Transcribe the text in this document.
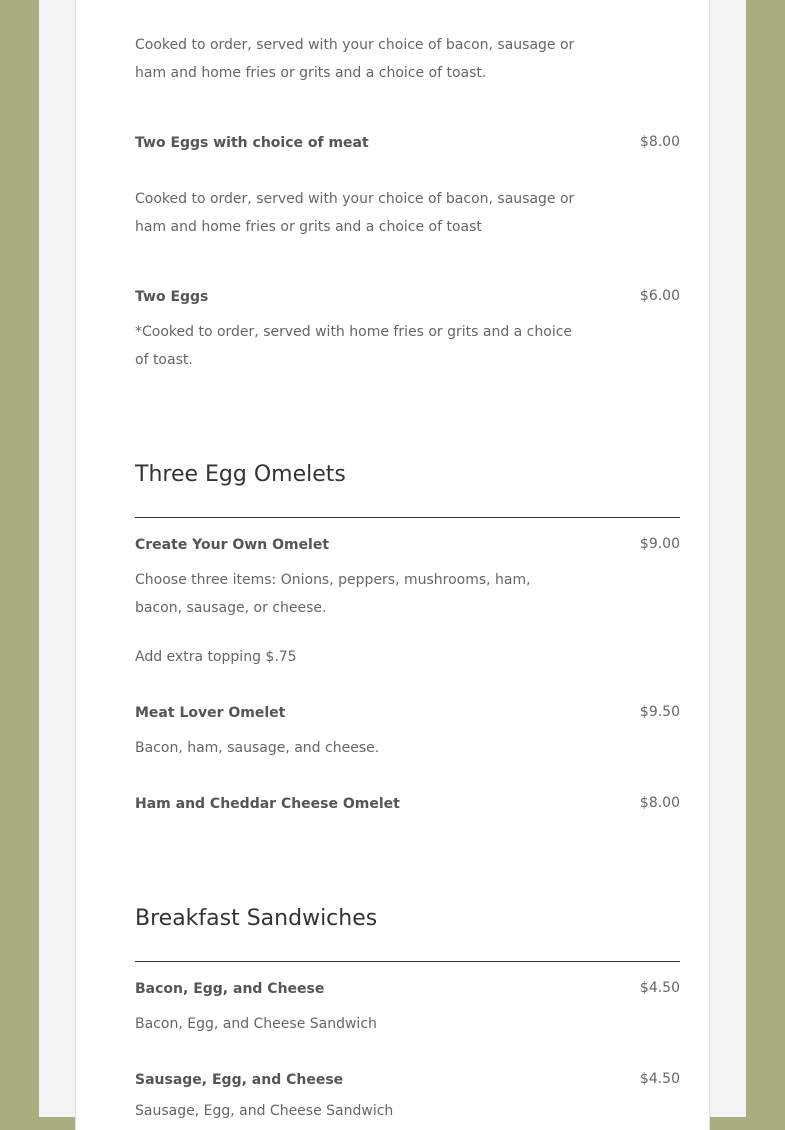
Cooked to order, served with your choice of bacon, sausage or ham and home fries or grits and a choice of toast.

Two Eggs with choice of meat	$8.00

Cooked to order, served with your choice of bacon, sausage or ham and home fries or grits and a choice of toast

Two Eggs	$6.00

*Cooked to order, served with home fries or grits and a choice of toast.

Three Egg Omelets
Create Your Own Omelet	$9.00

Choose three items: Onions, peppers, mushrooms, ham, bacon, sausage, or cheese.

Add extra topping $.75

Meat Lover Omelet	$9.50

Bacon, ham, sausage, and cheese.

Ham and Cheddar Cheese Omelet	$8.00
Breakfast Sandwiches
Bacon, Egg, and Cheese	$4.50

Bacon, Egg, and Cheese Sandwich

Sausage, Egg, and Cheese	$4.50

Sausage, Egg, and Cheese Sandwich
